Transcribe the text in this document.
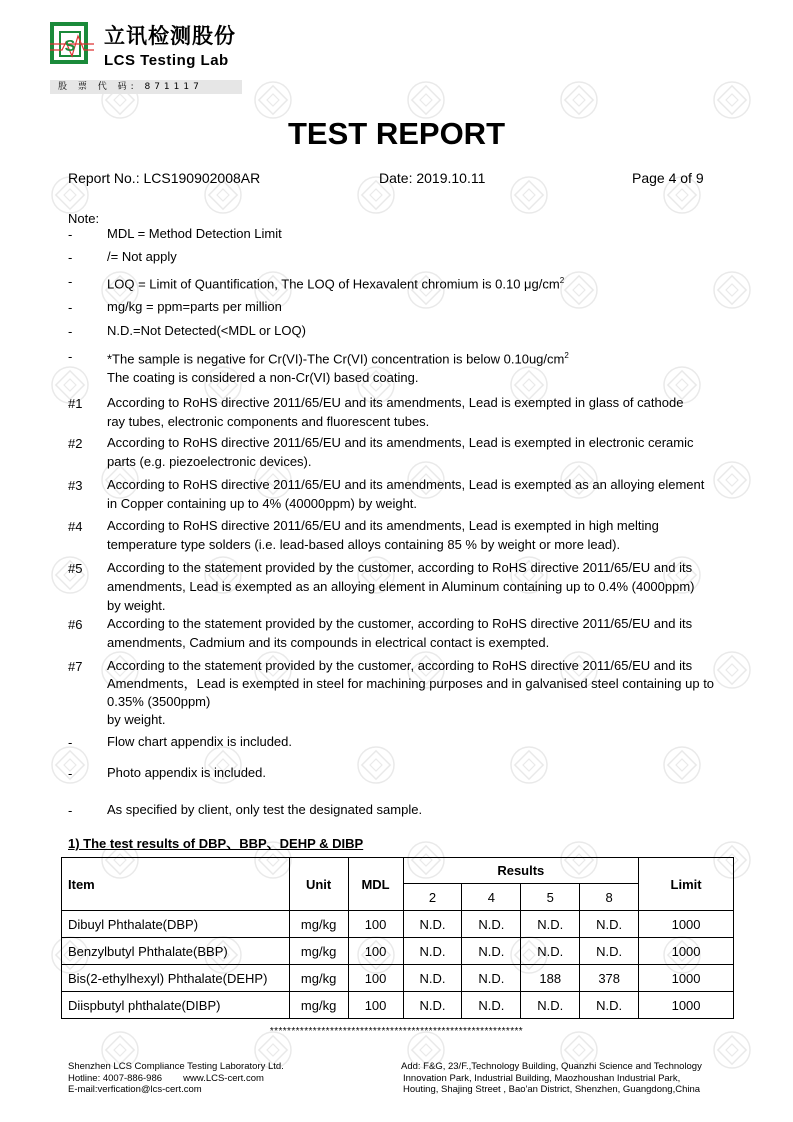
S 立讯检测股份
LCS Testing Lab
股 票 代 码: 871117
TEST REPORT
Report No.: LCS190902008AR	Date: 2019.10.11	Page 4 of 9
Note:
-	MDL = Method Detection Limit
-	/= Not apply
-	LOQ = Limit of Quantification, The LOQ of Hexavalent chromium is 0.10 $\mu g/cm^2$
-	mg/kg = ppm=parts per million
-	N.D.=Not Detected(<MDL or LOQ)
-	*The sample is negative for Cr(VI)-The Cr(VI) concentration is below $0.10ug/cm^2$
The coating is considered a non-Cr(VI) based coating.
#1 According to RoHS directive 2011/65/EU and its amendments, Lead is exempted in glass of cathode
ray tubes, electronic components and fluorescent tubes.
#2 According to RoHS directive 2011/65/EU and its amendments, Lead is exempted in electronic ceramic
parts (e.g. piezoelectronic devices).
#3 According to RoHS directive 2011/65/EU and its amendments, Lead is exempted as an alloying element
in Copper containing up to 4% (40000ppm) by weight.
#4 According to RoHS directive 2011/65/EU and its amendments, Lead is exempted in high melting
temperature type solders (i.e. lead-based alloys containing 85 % by weight or more lead).
#5 According to the statement provided by the customer, according to RoHS directive 2011/65/EU and its
amendments, Lead is exempted as an alloying element in Aluminum containing up to 0.4% (4000ppm)
by weight.
#6 According to the statement provided by the customer, according to RoHS directive 2011/65/EU and its
amendments, Cadmium and its compounds in electrical contact is exempted.
#7 According to the statement provided by the customer, according to RoHS directive 2011/65/EU and its
Amendments，Lead is exempted in steel for machining purposes and in galvanised steel containing up to
0.35% (3500ppm)
by weight.
-	Flow chart appendix is included.
-	Photo appendix is included.
-	As specified by client, only test the designated sample.
1) The test results of DBP、BBP、DEHP & DIBP
Item	Unit	MDL	Results				Limit
			2	4	5	8	
Dibuyl Phthalate(DBP)	mg/kg	100	N.D.	N.D.	N.D.	N.D.	1000
Benzylbutyl Phthalate(BBP)	mg/kg	100	N.D.	N.D.	N.D.	N.D.	1000
Bis(2-ethylhexyl) Phthalate(DEHP)	mg/kg	100	N.D.	N.D.	188	378	1000
Diispbutyl phthalate(DIBP)	mg/kg	100	N.D.	N.D.	N.D.	N.D.	1000
***********************************************************
Shenzhen LCS Compliance Testing Laboratory Ltd.
Hotline: 4007-886-986        www.LCS-cert.com
E-mail:verfication@lcs-cert.com
Add: F&G, 23/F.,Technology Building, Quanzhi Science and Technology
Innovation Park, Industrial Building, Maozhoushan Industrial Park,
Houting, Shajing Street , Bao'an District, Shenzhen, Guangdong,China
